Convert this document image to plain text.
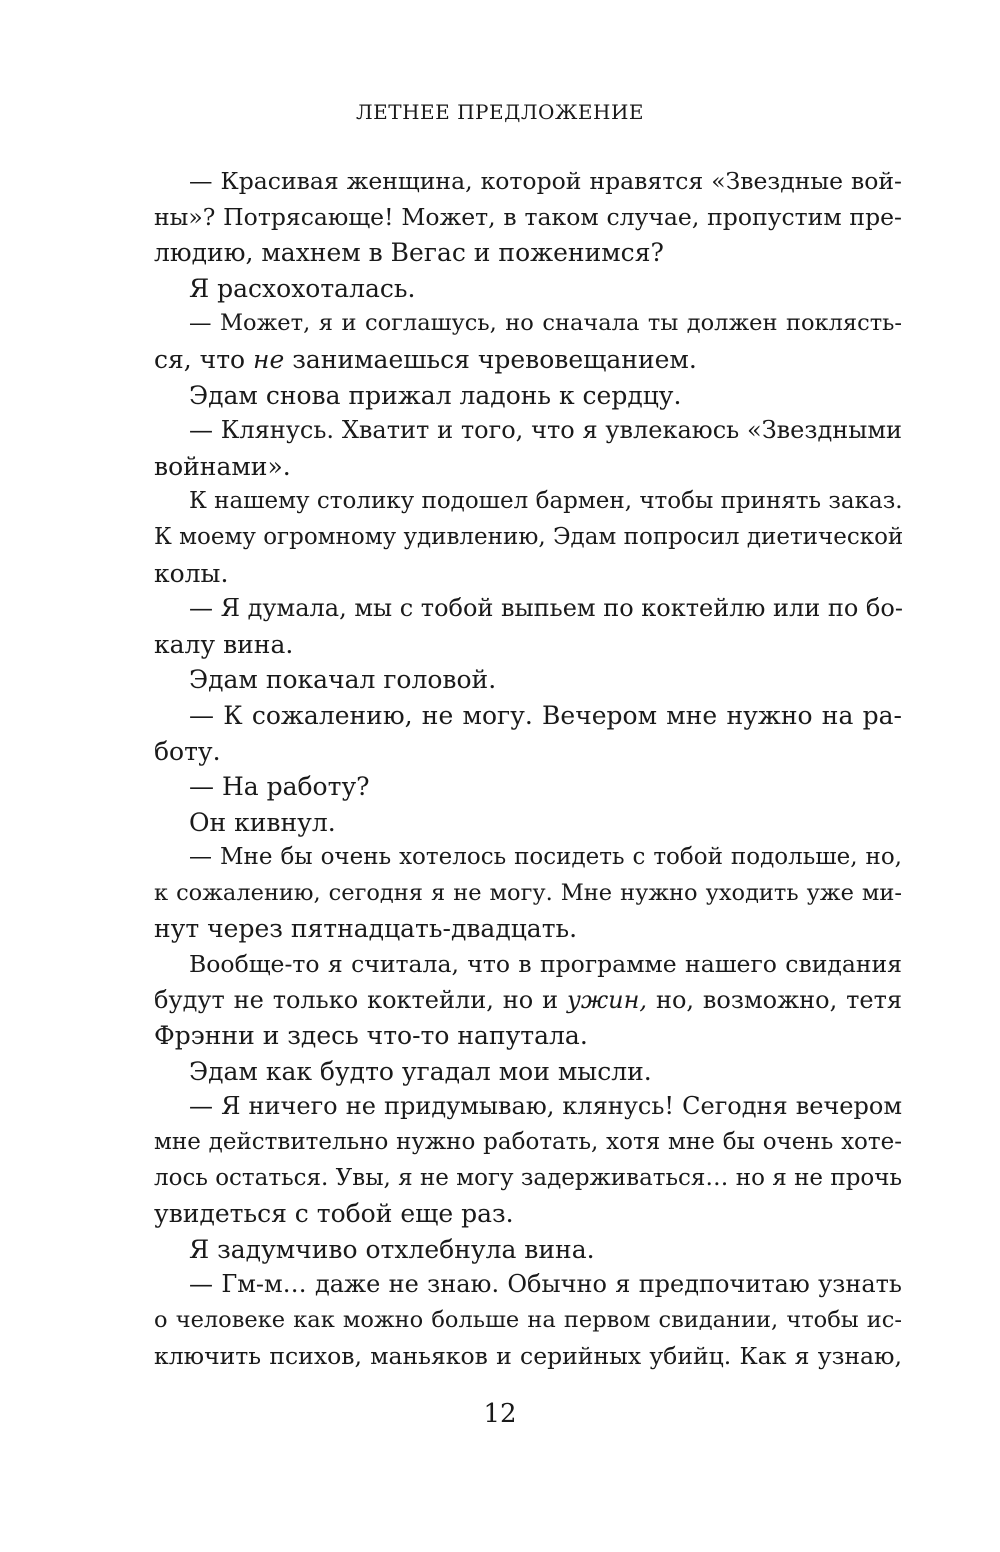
ЛЕТНЕЕ ПРЕДЛОЖЕНИЕ
— Красивая женщина, которой нравятся «Звездные вой-
ны»? Потрясающе! Может, в таком случае, пропустим пре-
людию, махнем в Вегас и поженимся?
Я расхохоталась.
— Может, я и соглашусь, но сначала ты должен поклясть-
ся, что не занимаешься чревовещанием.
Эдам снова прижал ладонь к сердцу.
— Клянусь. Хватит и того, что я увлекаюсь «Звездными
войнами».
К нашему столику подошел бармен, чтобы принять заказ.
К моему огромному удивлению, Эдам попросил диетической
колы.
— Я думала, мы с тобой выпьем по коктейлю или по бо-
калу вина.
Эдам покачал головой.
— К сожалению, не могу. Вечером мне нужно на ра-
боту.
— На работу?
Он кивнул.
— Мне бы очень хотелось посидеть с тобой подольше, но,
к сожалению, сегодня я не могу. Мне нужно уходить уже ми-
нут через пятнадцать-двадцать.
Вообще-то я считала, что в программе нашего свидания
будут не только коктейли, но и ужин, но, возможно, тетя
Фрэнни и здесь что-то напутала.
Эдам как будто угадал мои мысли.
— Я ничего не придумываю, клянусь! Сегодня вечером
мне действительно нужно работать, хотя мне бы очень хоте-
лось остаться. Увы, я не могу задерживаться… но я не прочь
увидеться с тобой еще раз.
Я задумчиво отхлебнула вина.
— Гм-м… даже не знаю. Обычно я предпочитаю узнать
о человеке как можно больше на первом свидании, чтобы ис-
ключить психов, маньяков и серийных убийц. Как я узнаю,
12
